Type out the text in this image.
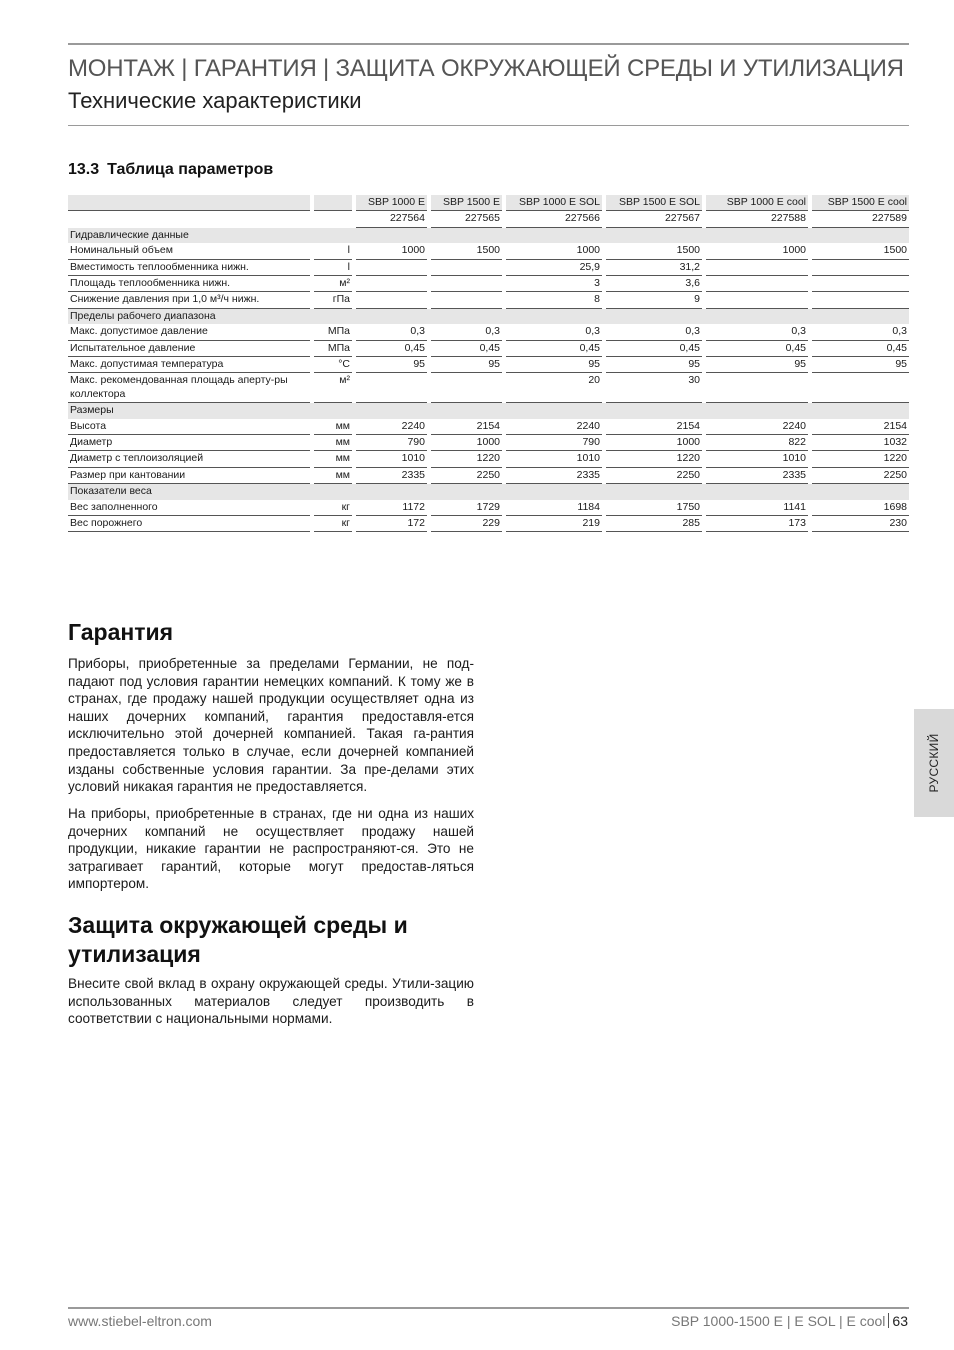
МОНТАЖ | ГАРАНТИЯ | ЗАЩИТА ОКРУЖАЮЩЕЙ СРЕДЫ И УТИЛИЗАЦИЯ
Технические характеристики
13.3 Таблица параметров
				SBP 1000 E		SBP 1500 E		SBP 1000 E SOL		SBP 1500 E SOL		SBP 1000 E cool		SBP 1500 E cool
				227564		227565		227566		227567		227588		227589
Гидравлические данные														
Номинальный объем		l		1000		1500		1000		1500		1000		1500
Вместимость теплообменника нижн.		l						25,9		31,2				
Площадь теплообменника нижн.		м²						3		3,6				
Снижение давления при 1,0 м³/ч нижн.		гПа						8		9				
Пределы рабочего диапазона														
Макс. допустимое давление		МПа		0,3		0,3		0,3		0,3		0,3		0,3
Испытательное давление		МПа		0,45		0,45		0,45		0,45		0,45		0,45
Макс. допустимая температура		°C		95		95		95		95		95		95
Макс. рекомендованная площадь аперту-ры коллектора		м²						20		30				
Размеры														
Высота		мм		2240		2154		2240		2154		2240		2154
Диаметр		мм		790		1000		790		1000		822		1032
Диаметр с теплоизоляцией		мм		1010		1220		1010		1220		1010		1220
Размер при кантовании		мм		2335		2250		2335		2250		2335		2250
Показатели веса														
Вес заполненного		кг		1172		1729		1184		1750		1141		1698
Вес порожнего		кг		172		229		219		285		173		230
Гарантия

Приборы, приобретенные за пределами Германии, не под-падают под условия гарантии немецких компаний. К тому же в странах, где продажу нашей продукции осуществляет одна из наших дочерних компаний, гарантия предоставля-ется исключительно этой дочерней компанией. Такая га-рантия предоставляется только в случае, если дочерней компанией изданы собственные условия гарантии. За пре-делами этих условий никакая гарантия не предоставляется.

На приборы, приобретенные в странах, где ни одна из наших дочерних компаний не осуществляет продажу нашей продукции, никакие гарантии не распространяют-ся. Это не затрагивает гарантий, которые могут предостав-ляться импортером.

Защита окружающей среды и утилизация

Внесите свой вклад в охрану окружающей среды. Утили-зацию использованных материалов следует производить в соответствии с национальными нормами.

РУССКИЙ
www.stiebel-eltron.com	SBP 1000-1500 E | E SOL | E cool 63
